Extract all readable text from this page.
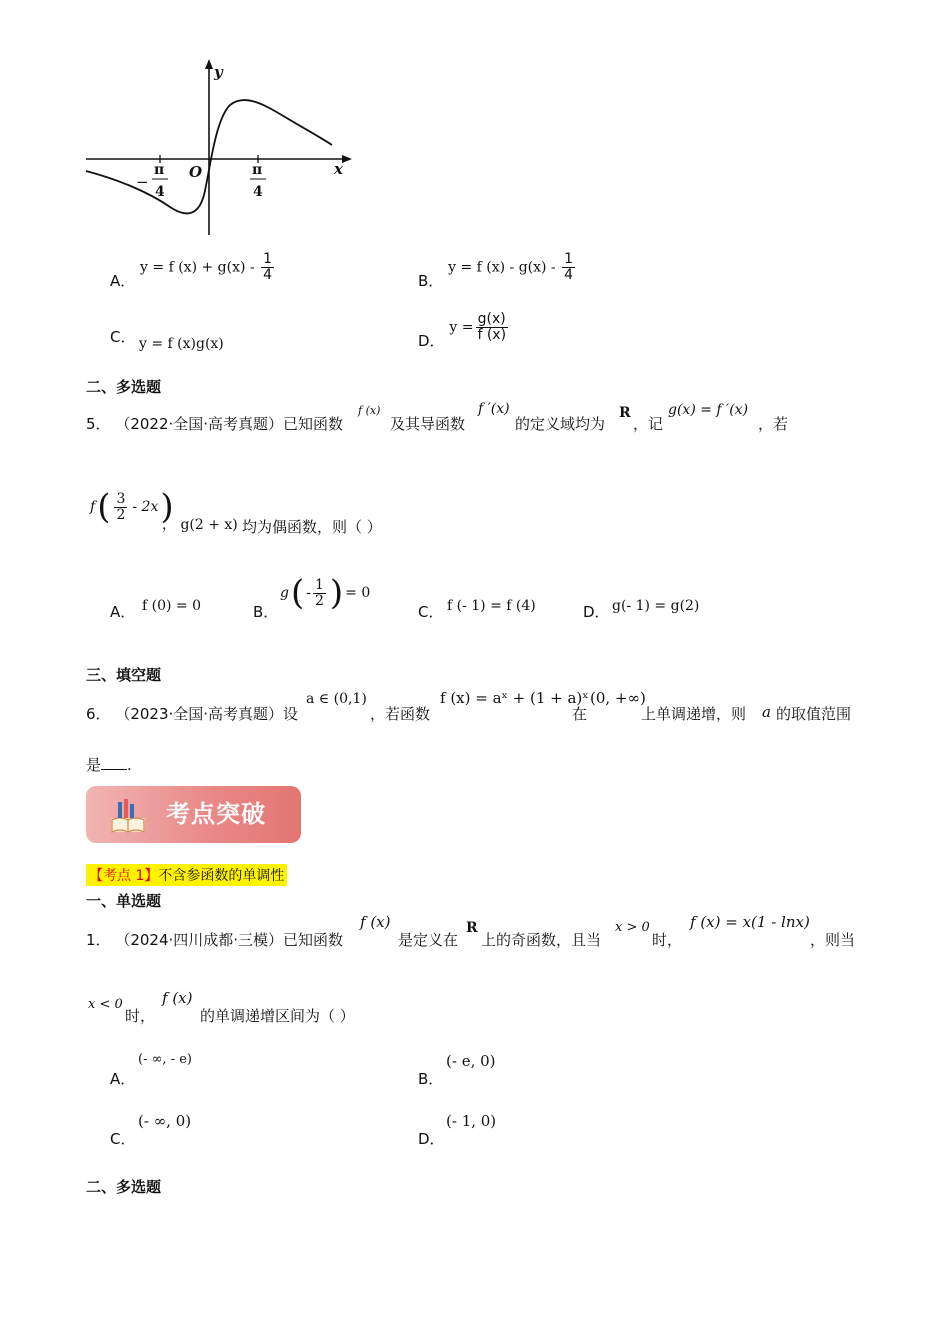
y
x
O
−
π
4
π
4
A． y = f $(x) + g(x) - \frac{1}{4}$	B． y = f $(x) - g(x) - \frac{1}{4}$
C． y = f (x)g(x)	D． $y = \frac{g(x)}{f (x)}$
二、多选题
5． （2022·全国·高考真题）已知函数
f (x)
及其导函数
f ′(x)
的定义域均为
R
，记
g(x) = f ′(x)
，若
f ( $\frac{3}{2} - 2x$ )
， g(2 + x) 均为偶函数，则（ ）
A． f (0) = 0	B．
g ( - $\frac{1}{2}$ ) = 0
C． f (- 1) = f (4)	D． g(- 1) = g(2)
三、填空题
6． （2023·全国·高考真题）设
a ∈ (0,1)
，若函数
f (x) = aˣ + (1 + a)ˣ
在
(0, +∞)
上单调递增，则 a 的取值范围
是 .
考点突破
【考点 1】不含参函数的单调性
一、单选题
1． （2024·四川成都·三模）已知函数
f (x)
是定义在
R
上的奇函数，且当
x > 0
时，
f (x) = x(1 - lnx)
，则当
x < 0
时，
f (x)
的单调递增区间为（ ）
A．
(- ∞, - e)
B．
(- e, 0)
C．
(- ∞, 0)
D．
(- 1, 0)
二、多选题
